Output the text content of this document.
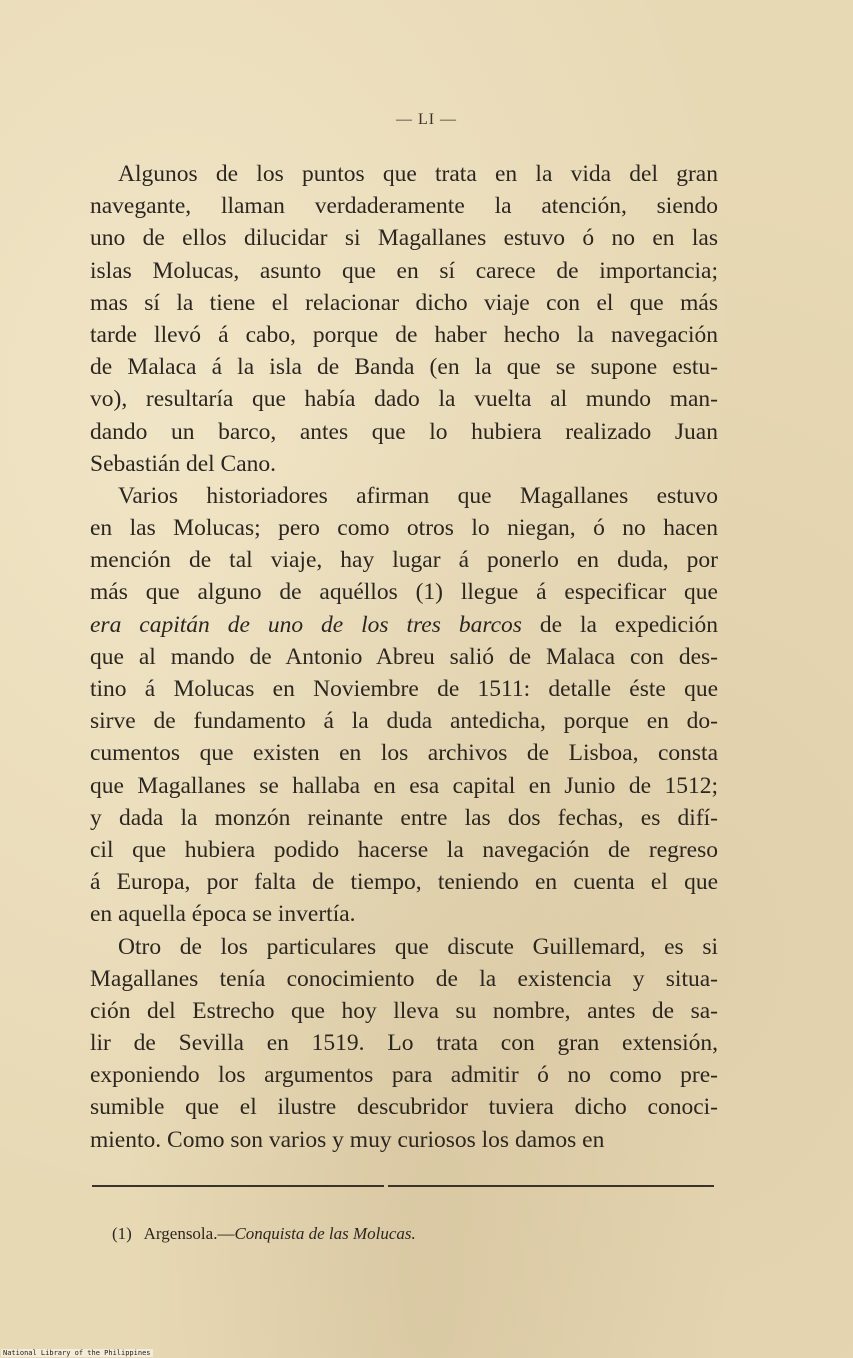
— LI —
Algunos de los puntos que trata en la vida del gran
navegante, llaman verdaderamente la atención, siendo
uno de ellos dilucidar si Magallanes estuvo ó no en las
islas Molucas, asunto que en sí carece de importancia;
mas sí la tiene el relacionar dicho viaje con el que más
tarde llevó á cabo, porque de haber hecho la navegación
de Malaca á la isla de Banda (en la que se supone estu-
vo), resultaría que había dado la vuelta al mundo man-
dando un barco, antes que lo hubiera realizado Juan
Sebastián del Cano.
Varios historiadores afirman que Magallanes estuvo
en las Molucas; pero como otros lo niegan, ó no hacen
mención de tal viaje, hay lugar á ponerlo en duda, por
más que alguno de aquéllos (1) llegue á especificar que
era capitán de uno de los tres barcos de la expedición
que al mando de Antonio Abreu salió de Malaca con des-
tino á Molucas en Noviembre de 1511: detalle éste que
sirve de fundamento á la duda antedicha, porque en do-
cumentos que existen en los archivos de Lisboa, consta
que Magallanes se hallaba en esa capital en Junio de 1512;
y dada la monzón reinante entre las dos fechas, es difí-
cil que hubiera podido hacerse la navegación de regreso
á Europa, por falta de tiempo, teniendo en cuenta el que
en aquella época se invertía.
Otro de los particulares que discute Guillemard, es si
Magallanes tenía conocimiento de la existencia y situa-
ción del Estrecho que hoy lleva su nombre, antes de sa-
lir de Sevilla en 1519. Lo trata con gran extensión,
exponiendo los argumentos para admitir ó no como pre-
sumible que el ilustre descubridor tuviera dicho conoci-
miento. Como son varios y muy curiosos los damos en
(1) Argensola.—Conquista de las Molucas.
National Library of the Philippines
